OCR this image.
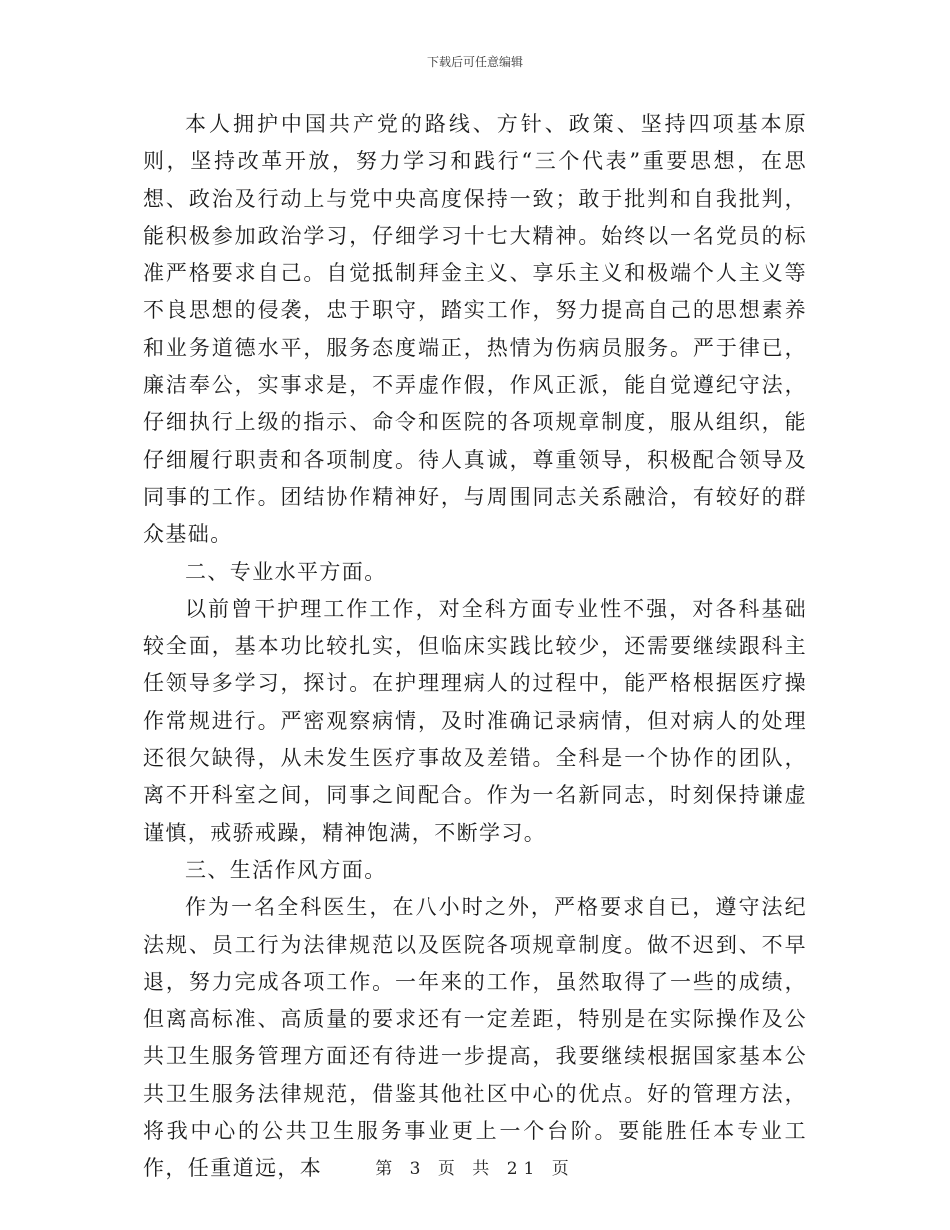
下载后可任意编辑

本人拥护中国共产党的路线、方针、政策、坚持四项基本原则，坚持改革开放，努力学习和践行“三个代表”重要思想，在思想、政治及行动上与党中央高度保持一致；敢于批判和自我批判，能积极参加政治学习，仔细学习十七大精神。始终以一名党员的标准严格要求自己。自觉抵制拜金主义、享乐主义和极端个人主义等不良思想的侵袭，忠于职守，踏实工作，努力提高自己的思想素养和业务道德水平，服务态度端正，热情为伤病员服务。严于律已，廉洁奉公，实事求是，不弄虚作假，作风正派，能自觉遵纪守法，仔细执行上级的指示、命令和医院的各项规章制度，服从组织，能仔细履行职责和各项制度。待人真诚，尊重领导，积极配合领导及同事的工作。团结协作精神好，与周围同志关系融洽，有较好的群众基础。

二、专业水平方面。

以前曾干护理工作工作，对全科方面专业性不强，对各科基础较全面，基本功比较扎实，但临床实践比较少，还需要继续跟科主任领导多学习，探讨。在护理理病人的过程中，能严格根据医疗操作常规进行。严密观察病情，及时准确记录病情，但对病人的处理还很欠缺得，从未发生医疗事故及差错。全科是一个协作的团队，离不开科室之间，同事之间配合。作为一名新同志，时刻保持谦虚谨慎，戒骄戒躁，精神饱满，不断学习。

三、生活作风方面。

作为一名全科医生，在八小时之外，严格要求自已，遵守法纪法规、员工行为法律规范以及医院各项规章制度。做不迟到、不早退，努力完成各项工作。一年来的工作，虽然取得了一些的成绩，但离高标准、高质量的要求还有一定差距，特别是在实际操作及公共卫生服务管理方面还有待进一步提高，我要继续根据国家基本公共卫生服务法律规范，借鉴其他社区中心的优点。好的管理方法，将我中心的公共卫生服务事业更上一个台阶。要能胜任本专业工作，任重道远，本	第 3 页 共 21 页
